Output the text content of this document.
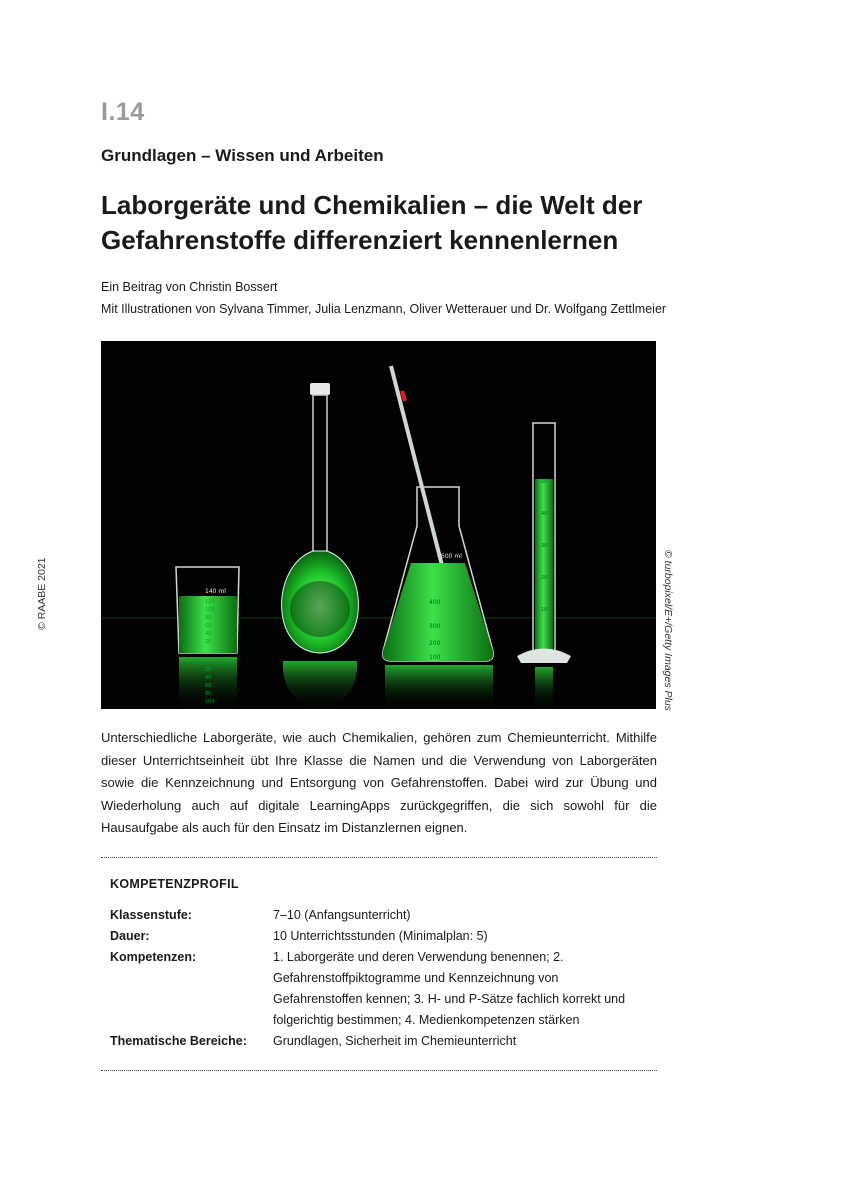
I.14
Grundlagen – Wissen und Arbeiten
Laborgeräte und Chemikalien – die Welt der Gefahrenstoffe differenziert kennenlernen
Ein Beitrag von Christin Bossert
Mit Illustrationen von Sylvana Timmer, Julia Lenzmann, Oliver Wetterauer und Dr. Wolfgang Zettlmeier
140 ml
120
100
80
60
40
20
20
40
60
80
100
500 ml
400
300
200
100
50
40
30
20
10
© RAABE 2021	© turbopixel/E+/Getty Images Plus

Unterschiedliche Laborgeräte, wie auch Chemikalien, gehören zum Chemieunterricht. Mithilfe dieser Unterrichtseinheit übt Ihre Klasse die Namen und die Verwendung von Laborgeräten sowie die Kennzeichnung und Entsorgung von Gefahrenstoffen. Dabei wird zur Übung und Wiederholung auch auf digitale LearningApps zurückgegriffen, die sich sowohl für die Hausaufgabe als auch für den Einsatz im Distanzlernen eignen.

KOMPETENZPROFIL
Klassenstufe:	7–10 (Anfangsunterricht)
Dauer:	10 Unterrichtsstunden (Minimalplan: 5)
Kompetenzen:	1. Laborgeräte und deren Verwendung benennen; 2. Gefahrenstoffpiktogramme und Kennzeichnung von Gefahrenstoffen kennen; 3. H- und P-Sätze fachlich korrekt und folgerichtig bestimmen; 4. Medienkompetenzen stärken
Thematische Bereiche:	Grundlagen, Sicherheit im Chemieunterricht
